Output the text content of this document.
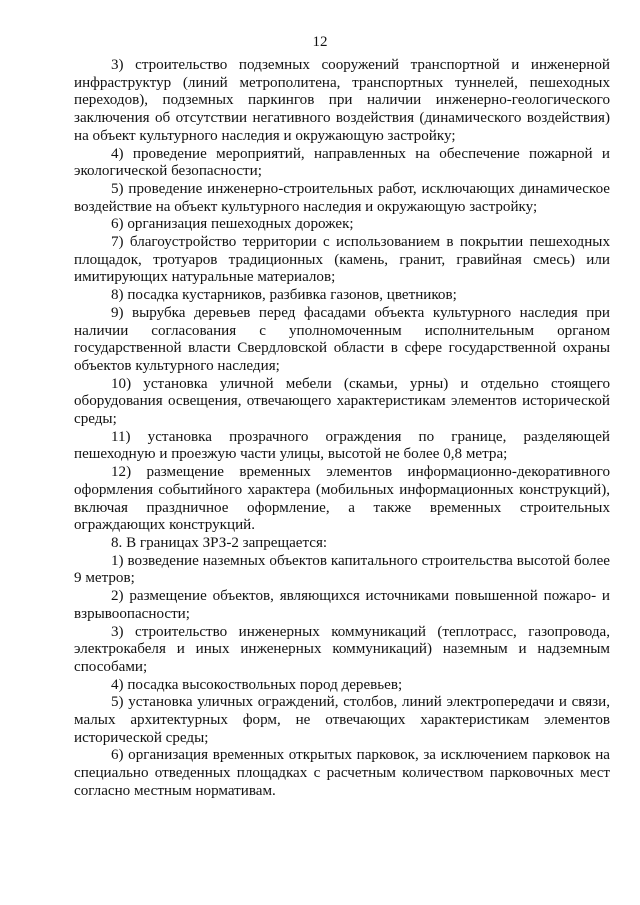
12

3) строительство подземных сооружений транспортной и инженерной инфраструктур (линий метрополитена, транспортных туннелей, пешеходных переходов), подземных паркингов при наличии инженерно-геологического заключения об отсутствии негативного воздействия (динамического воздействия) на объект культурного наследия и окружающую застройку;

4) проведение мероприятий, направленных на обеспечение пожарной и экологической безопасности;

5) проведение инженерно-строительных работ, исключающих динамическое воздействие на объект культурного наследия и окружающую застройку;

6) организация пешеходных дорожек;

7) благоустройство территории с использованием в покрытии пешеходных площадок, тротуаров традиционных (камень, гранит, гравийная смесь) или имитирующих натуральные материалов;

8) посадка кустарников, разбивка газонов, цветников;

9) вырубка деревьев перед фасадами объекта культурного наследия при наличии согласования с уполномоченным исполнительным органом государственной власти Свердловской области в сфере государственной охраны объектов культурного наследия;

10) установка уличной мебели (скамьи, урны) и отдельно стоящего оборудования освещения, отвечающего характеристикам элементов исторической среды;

11) установка прозрачного ограждения по границе, разделяющей пешеходную и проезжую части улицы, высотой не более 0,8 метра;

12) размещение временных элементов информационно-декоративного оформления событийного характера (мобильных информационных конструкций), включая праздничное оформление, а также временных строительных ограждающих конструкций.

8. В границах ЗРЗ-2 запрещается:

1) возведение наземных объектов капитального строительства высотой более 9 метров;

2) размещение объектов, являющихся источниками повышенной пожаро- и взрывоопасности;

3) строительство инженерных коммуникаций (теплотрасс, газопровода, электрокабеля и иных инженерных коммуникаций) наземным и надземным способами;

4) посадка высокоствольных пород деревьев;

5) установка уличных ограждений, столбов, линий электропередачи и связи, малых архитектурных форм, не отвечающих характеристикам элементов исторической среды;

6) организация временных открытых парковок, за исключением парковок на специально отведенных площадках с расчетным количеством парковочных мест согласно местным нормативам.
